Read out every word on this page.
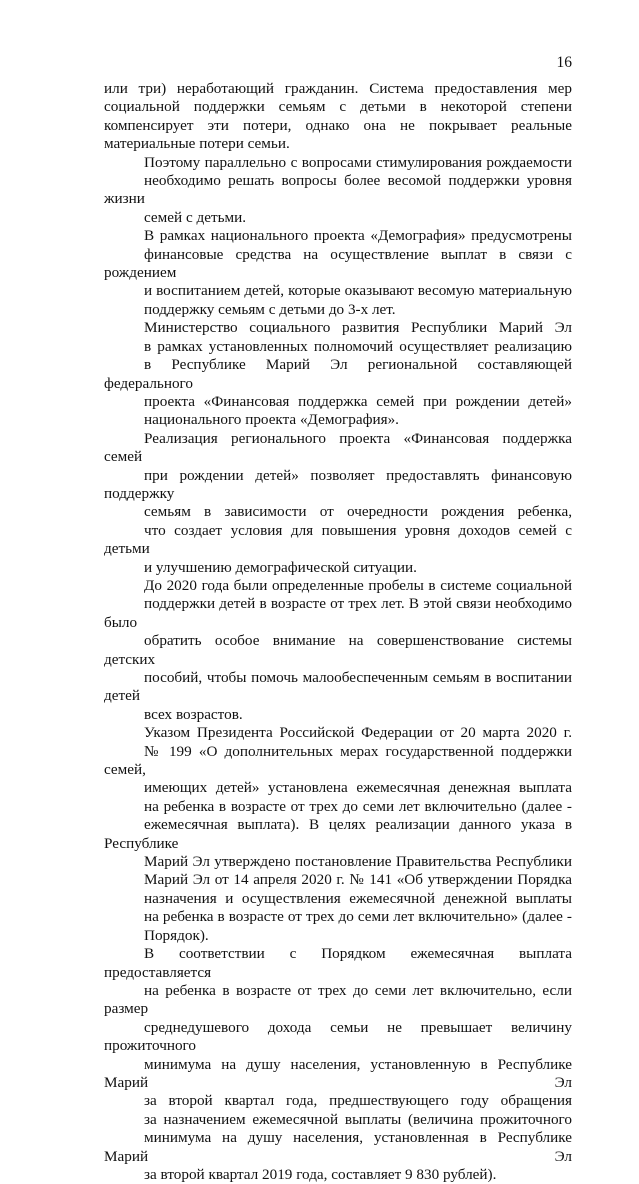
16

или три) неработающий гражданин. Система предоставления мер
социальной поддержки семьям с детьми в некоторой степени
компенсирует эти потери, однако она не покрывает реальные
материальные потери семьи.

Поэтому параллельно с вопросами стимулирования рождаемости
необходимо решать вопросы более весомой поддержки уровня жизни
семей с детьми.

В рамках национального проекта «Демография» предусмотрены
финансовые средства на осуществление выплат в связи с рождением
и воспитанием детей, которые оказывают весомую материальную
поддержку семьям с детьми до 3-х лет.

Министерство социального развития Республики Марий Эл
в рамках установленных полномочий осуществляет реализацию
в Республике Марий Эл региональной составляющей федерального
проекта «Финансовая поддержка семей при рождении детей»
национального проекта «Демография».

Реализация регионального проекта «Финансовая поддержка семей
при рождении детей» позволяет предоставлять финансовую поддержку
семьям в зависимости от очередности рождения ребенка,
что создает условия для повышения уровня доходов семей с детьми
и улучшению демографической ситуации.

До 2020 года были определенные пробелы в системе социальной
поддержки детей в возрасте от трех лет. В этой связи необходимо было
обратить особое внимание на совершенствование системы детских
пособий, чтобы помочь малообеспеченным семьям в воспитании детей
всех возрастов.

Указом Президента Российской Федерации от 20 марта 2020 г.
№ 199 «О дополнительных мерах государственной поддержки семей,
имеющих детей» установлена ежемесячная денежная выплата
на ребенка в возрасте от трех до семи лет включительно (далее -
ежемесячная выплата). В целях реализации данного указа в Республике
Марий Эл утверждено постановление Правительства Республики
Марий Эл от 14 апреля 2020 г. № 141 «Об утверждении Порядка
назначения и осуществления ежемесячной денежной выплаты
на ребенка в возрасте от трех до семи лет включительно» (далее -
Порядок).

В соответствии с Порядком ежемесячная выплата предоставляется
на ребенка в возрасте от трех до семи лет включительно, если размер
среднедушевого дохода семьи не превышает величину прожиточного
минимума на душу населения, установленную в Республике Марий Эл
за второй квартал года, предшествующего году обращения
за назначением ежемесячной выплаты (величина прожиточного
минимума на душу населения, установленная в Республике Марий Эл
за второй квартал 2019 года, составляет 9 830 рублей).
